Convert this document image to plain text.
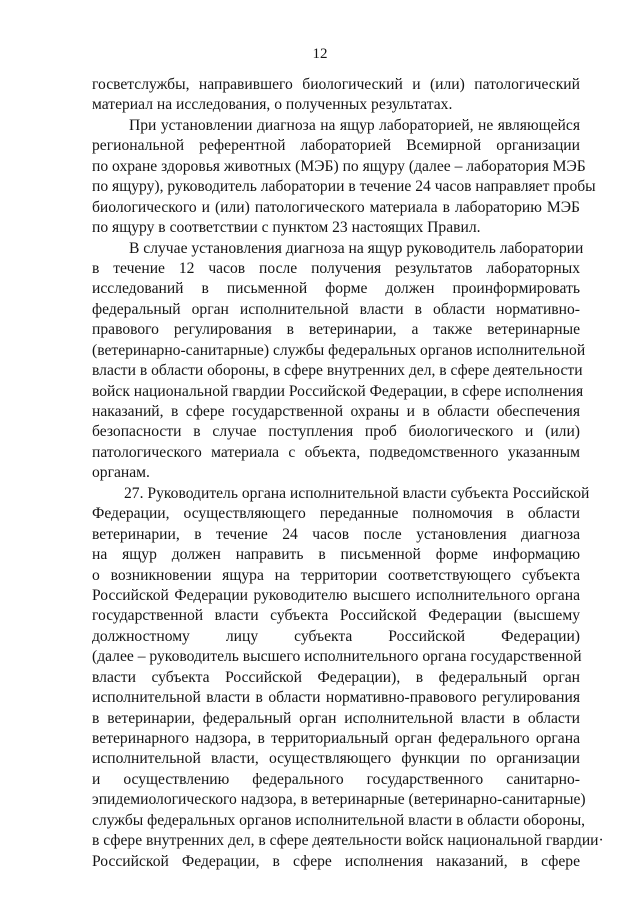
12
госветслужбы, направившего биологический и (или) патологический
материал на исследования, о полученных результатах.
При установлении диагноза на ящур лабораторией, не являющейся
региональной референтной лабораторией Всемирной организации
по охране здоровья животных (МЭБ) по ящуру (далее – лаборатория МЭБ
по ящуру), руководитель лаборатории в течение 24 часов направляет пробы
биологического и (или) патологического материала в лабораторию МЭБ
по ящуру в соответствии с пунктом 23 настоящих Правил.
В случае установления диагноза на ящур руководитель лаборатории
в течение 12 часов после получения результатов лабораторных
исследований в письменной форме должен проинформировать
федеральный орган исполнительной власти в области нормативно-
правового регулирования в ветеринарии, а также ветеринарные
(ветеринарно-санитарные) службы федеральных органов исполнительной
власти в области обороны, в сфере внутренних дел, в сфере деятельности
войск национальной гвардии Российской Федерации, в сфере исполнения
наказаний, в сфере государственной охраны и в области обеспечения
безопасности в случае поступления проб биологического и (или)
патологического материала с объекта, подведомственного указанным
органам.
27. Руководитель органа исполнительной власти субъекта Российской
Федерации, осуществляющего переданные полномочия в области
ветеринарии, в течение 24 часов после установления диагноза
на ящур должен направить в письменной форме информацию
о возникновении ящура на территории соответствующего субъекта
Российской Федерации руководителю высшего исполнительного органа
государственной власти субъекта Российской Федерации (высшему
должностному лицу субъекта Российской Федерации)
(далее – руководитель высшего исполнительного органа государственной
власти субъекта Российской Федерации), в федеральный орган
исполнительной власти в области нормативно-правового регулирования
в ветеринарии, федеральный орган исполнительной власти в области
ветеринарного надзора, в территориальный орган федерального органа
исполнительной власти, осуществляющего функции по организации
и осуществлению федерального государственного санитарно-
эпидемиологического надзора, в ветеринарные (ветеринарно-санитарные)
службы федеральных органов исполнительной власти в области обороны,
в сфере внутренних дел, в сфере деятельности войск национальной гвардии·
Российской Федерации, в сфере исполнения наказаний, в сфере
